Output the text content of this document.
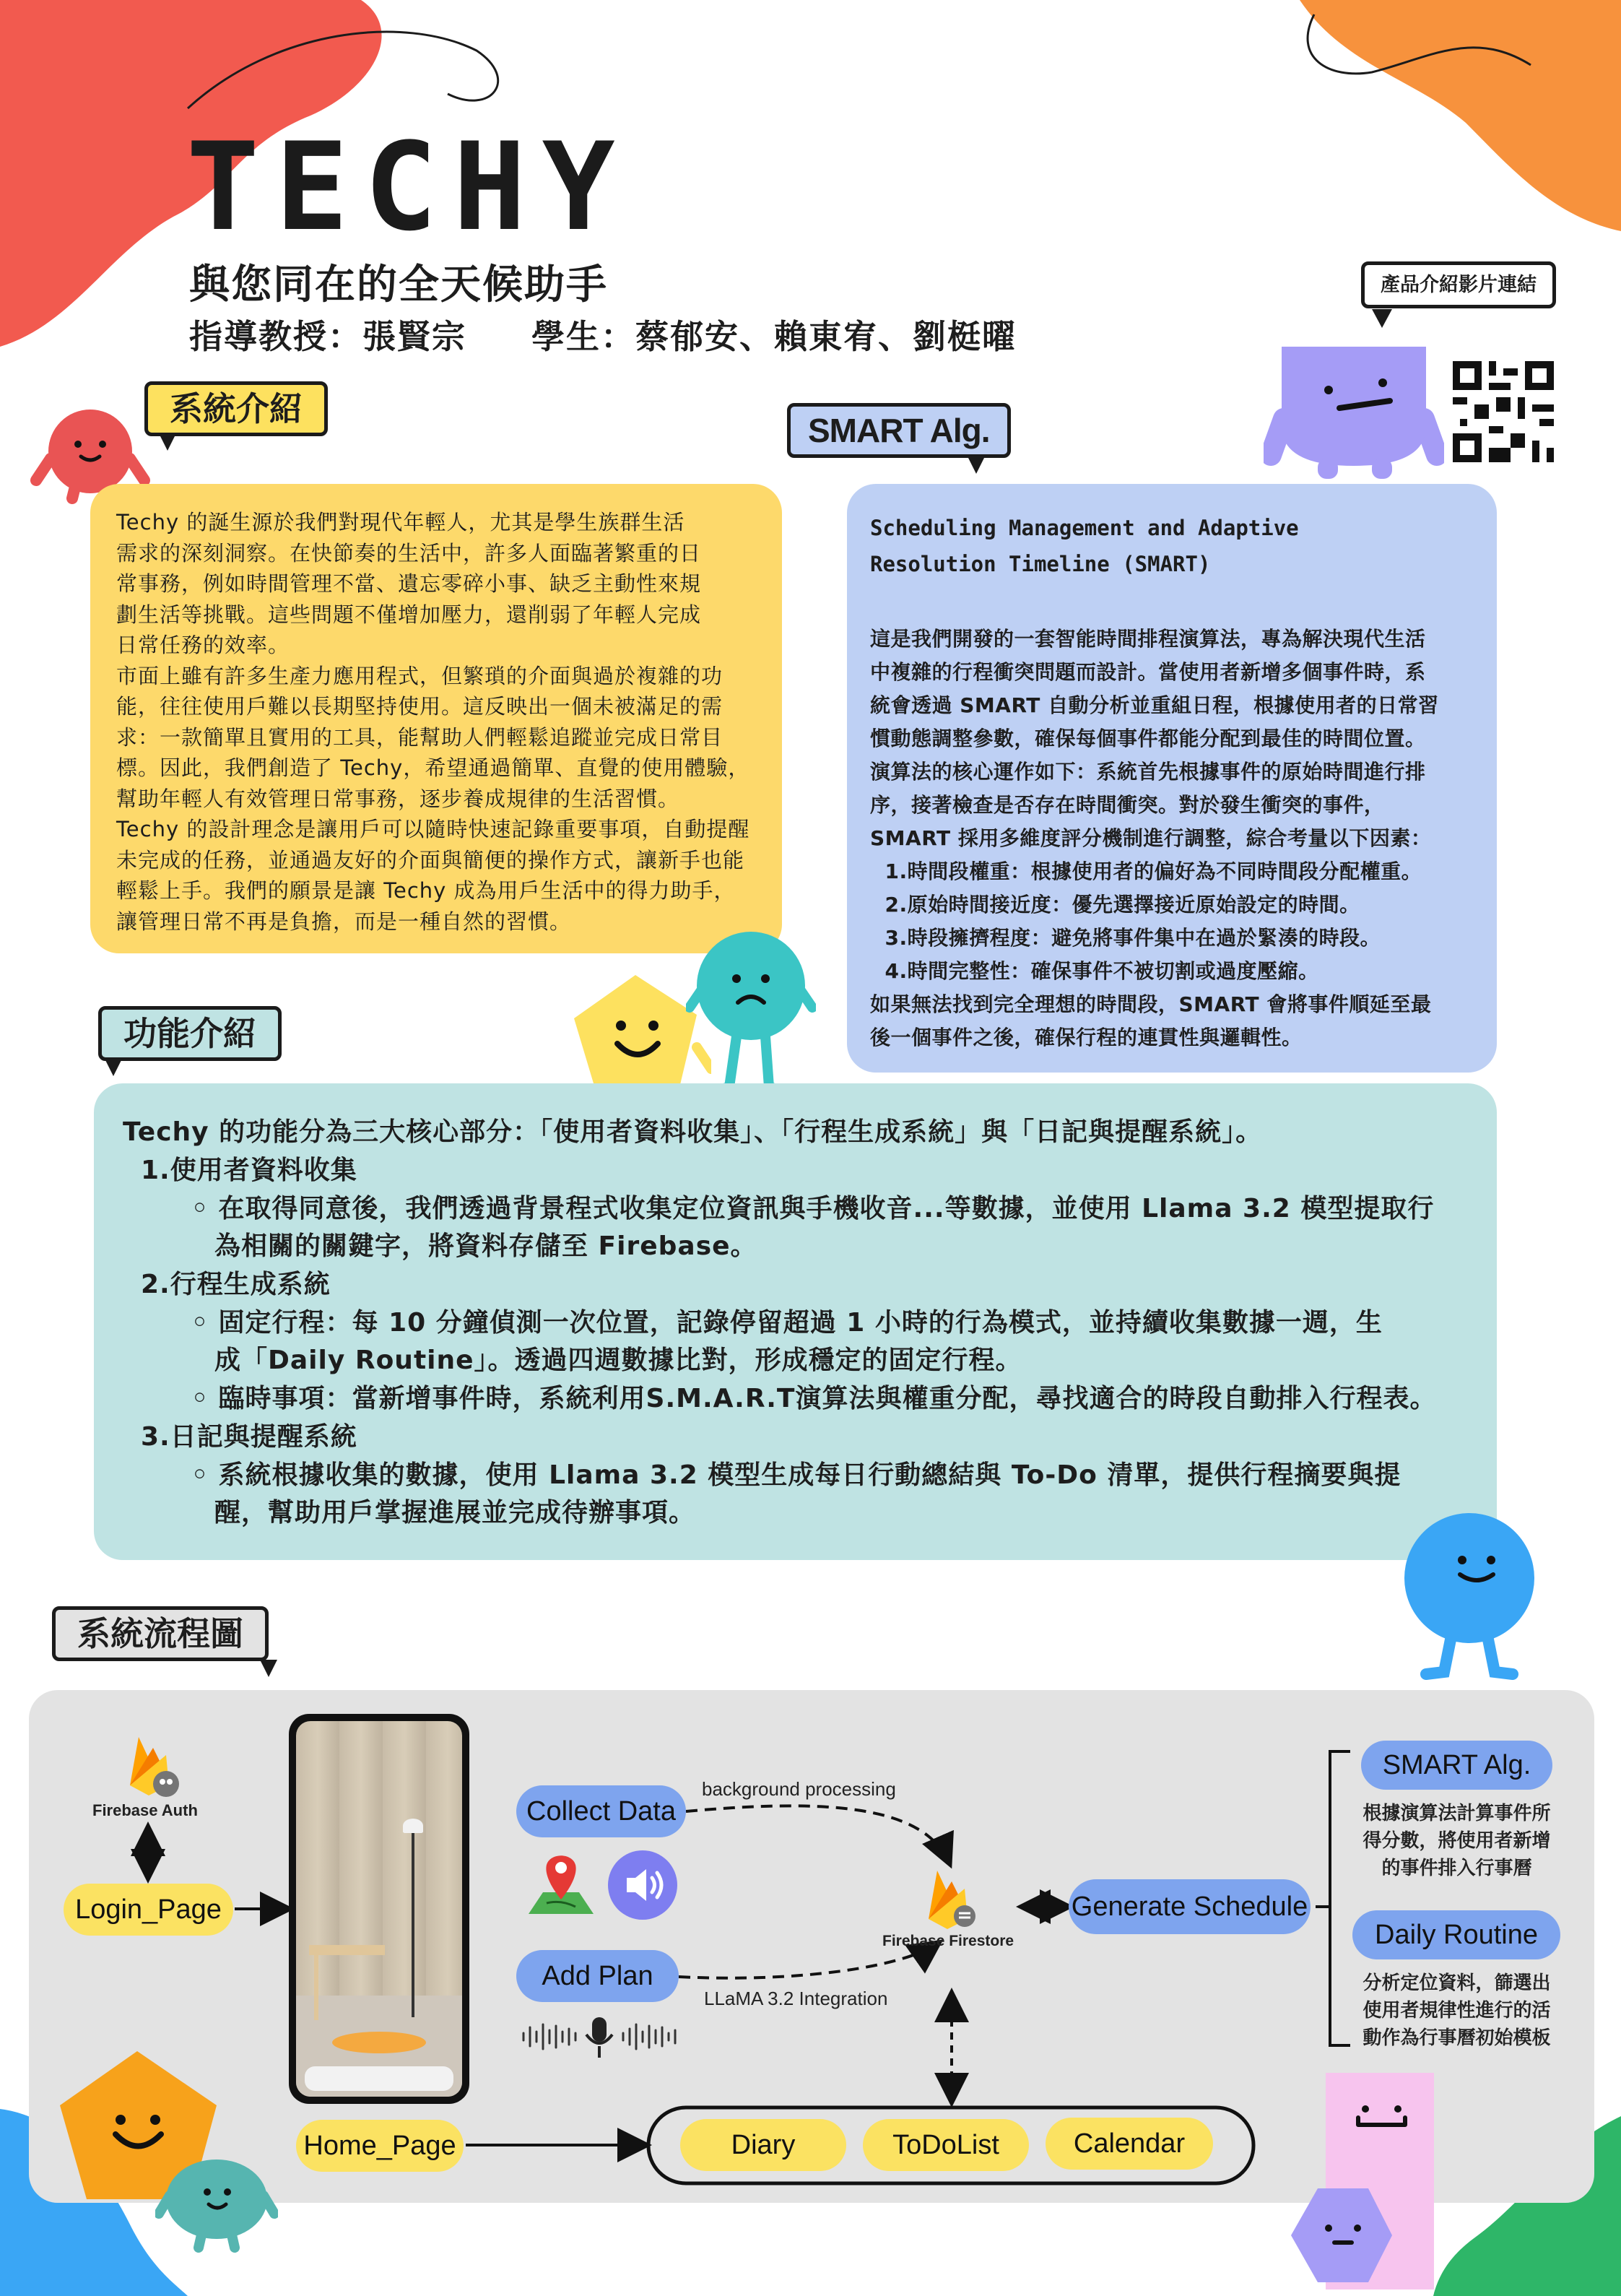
TECHY
與您同在的全天候助手
指導教授：張賢宗 學生：蔡郁安、賴東宥、劉梃曜
產品介紹影片連結
系統介紹
Techy 的誕生源於我們對現代年輕人，尤其是學生族群生活
需求的深刻洞察。在快節奏的生活中，許多人面臨著繁重的日
常事務，例如時間管理不當、遺忘零碎小事、缺乏主動性來規
劃生活等挑戰。這些問題不僅增加壓力，還削弱了年輕人完成
日常任務的效率。
市面上雖有許多生產力應用程式，但繁瑣的介面與過於複雜的功
能，往往使用戶難以長期堅持使用。這反映出一個未被滿足的需
求：一款簡單且實用的工具，能幫助人們輕鬆追蹤並完成日常目
標。因此，我們創造了 Techy，希望通過簡單、直覺的使用體驗，
幫助年輕人有效管理日常事務，逐步養成規律的生活習慣。
Techy 的設計理念是讓用戶可以隨時快速記錄重要事項，自動提醒
未完成的任務，並通過友好的介面與簡便的操作方式，讓新手也能
輕鬆上手。我們的願景是讓 Techy 成為用戶生活中的得力助手，
讓管理日常不再是負擔，而是一種自然的習慣。
SMART Alg.
Scheduling Management and Adaptive
Resolution Timeline (SMART)
這是我們開發的一套智能時間排程演算法，專為解決現代生活
中複雜的行程衝突問題而設計。當使用者新增多個事件時，系
統會透過 SMART 自動分析並重組日程，根據使用者的日常習
慣動態調整參數，確保每個事件都能分配到最佳的時間位置。
演算法的核心運作如下：系統首先根據事件的原始時間進行排
序，接著檢查是否存在時間衝突。對於發生衝突的事件，
SMART 採用多維度評分機制進行調整，綜合考量以下因素：
1.時間段權重：根據使用者的偏好為不同時間段分配權重。
2.原始時間接近度：優先選擇接近原始設定的時間。
3.時段擁擠程度：避免將事件集中在過於緊湊的時段。
4.時間完整性：確保事件不被切割或過度壓縮。
如果無法找到完全理想的時間段，SMART 會將事件順延至最
後一個事件之後，確保行程的連貫性與邏輯性。
功能介紹
Techy 的功能分為三大核心部分：「使用者資料收集」、「行程生成系統」與「日記與提醒系統」。
1.使用者資料收集
◦ 在取得同意後，我們透過背景程式收集定位資訊與手機收音...等數據，並使用 Llama 3.2 模型提取行
為相關的關鍵字，將資料存儲至 Firebase。
2.行程生成系統
◦ 固定行程：每 10 分鐘偵測一次位置，記錄停留超過 1 小時的行為模式，並持續收集數據一週，生
成「Daily Routine」。透過四週數據比對，形成穩定的固定行程。
◦ 臨時事項：當新增事件時，系統利用S.M.A.R.T演算法與權重分配，尋找適合的時段自動排入行程表。
3.日記與提醒系統
◦ 系統根據收集的數據，使用 Llama 3.2 模型生成每日行動總結與 To-Do 清單，提供行程摘要與提
醒，幫助用戶掌握進展並完成待辦事項。
系統流程圖
Firebase Auth
Login_Page
Home_Page
Collect Data
background processing
Add Plan
LLaMA 3.2 Integration
Firebase Firestore
Generate Schedule
SMART Alg.
根據演算法計算事件所
得分數，將使用者新增
的事件排入行事曆
Daily Routine
分析定位資料，篩選出
使用者規律性進行的活
動作為行事曆初始模板
Diary	ToDoList	Calendar
